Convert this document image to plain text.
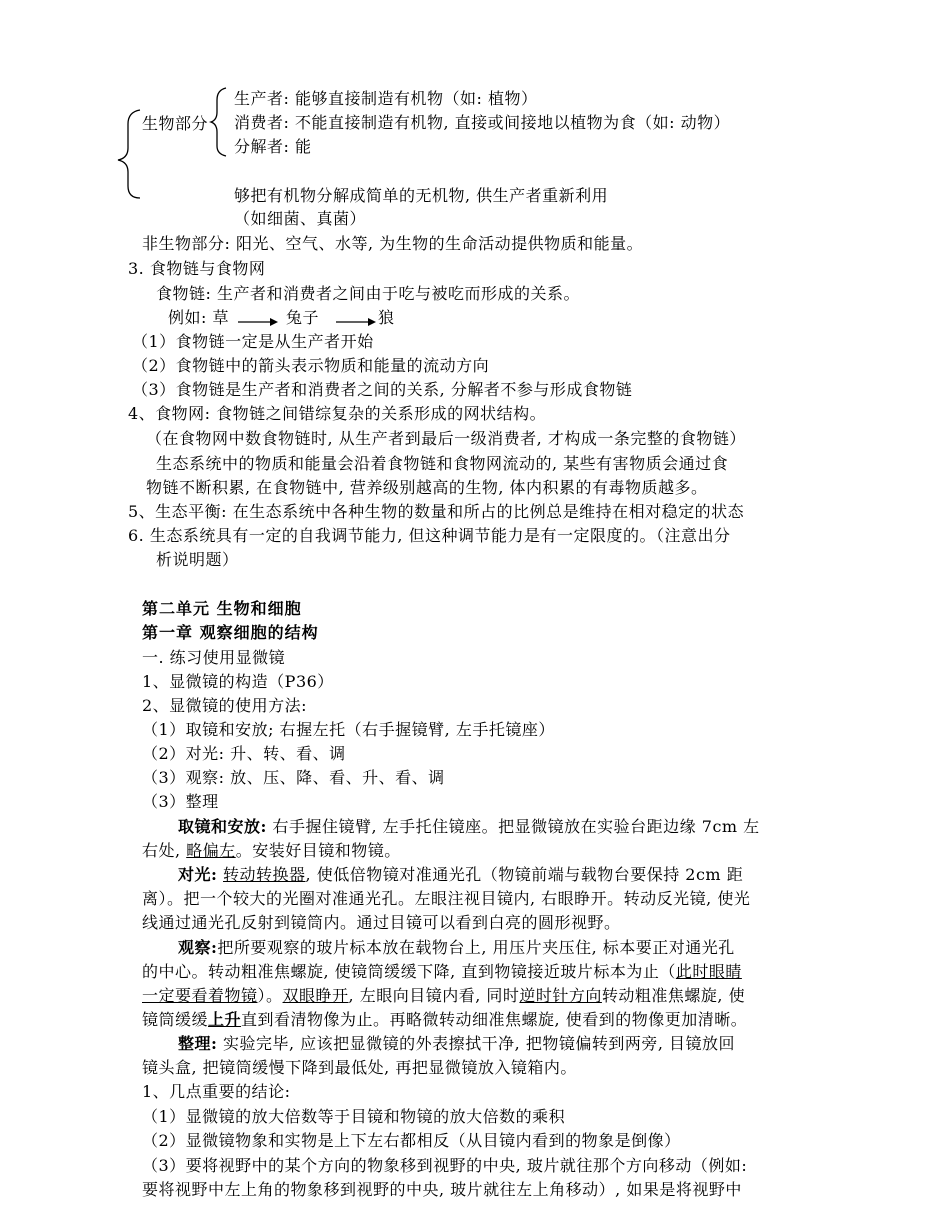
生物部分
生产者: 能够直接制造有机物（如: 植物）
消费者: 不能直接制造有机物, 直接或间接地以植物为食（如: 动物）
分解者: 能
够把有机物分解成简单的无机物, 供生产者重新利用
（如细菌、真菌）
非生物部分: 阳光、空气、水等, 为生物的生命活动提供物质和能量。
3. 食物链与食物网
食物链: 生产者和消费者之间由于吃与被吃而形成的关系。
例如: 草	兔子	狼
（1）食物链一定是从生产者开始
（2）食物链中的箭头表示物质和能量的流动方向
（3）食物链是生产者和消费者之间的关系, 分解者不参与形成食物链
4、食物网: 食物链之间错综复杂的关系形成的网状结构。
（在食物网中数食物链时, 从生产者到最后一级消费者, 才构成一条完整的食物链）
生态系统中的物质和能量会沿着食物链和食物网流动的, 某些有害物质会通过食
物链不断积累, 在食物链中, 营养级别越高的生物, 体内积累的有毒物质越多。
5、生态平衡: 在生态系统中各种生物的数量和所占的比例总是维持在相对稳定的状态
6. 生态系统具有一定的自我调节能力, 但这种调节能力是有一定限度的。（注意出分
析说明题）
第二单元 生物和细胞
第一章 观察细胞的结构
一. 练习使用显微镜
1、显微镜的构造（P36）
2、显微镜的使用方法:
（1）取镜和安放; 右握左托（右手握镜臂, 左手托镜座）
（2）对光: 升、转、看、调
（3）观察: 放、压、降、看、升、看、调
（3）整理
取镜和安放: 右手握住镜臂, 左手托住镜座。把显微镜放在实验台距边缘 7cm 左
右处, 略偏左。安装好目镜和物镜。
对光: 转动转换器, 使低倍物镜对准通光孔（物镜前端与载物台要保持 2cm 距
离）。把一个较大的光圈对准通光孔。左眼注视目镜内, 右眼睁开。转动反光镜, 使光
线通过通光孔反射到镜筒内。通过目镜可以看到白亮的圆形视野。
观察:把所要观察的玻片标本放在载物台上, 用压片夹压住, 标本要正对通光孔
的中心。转动粗准焦螺旋, 使镜筒缓缓下降, 直到物镜接近玻片标本为止（此时眼睛
一定要看着物镜）。双眼睁开, 左眼向目镜内看, 同时逆时针方向转动粗准焦螺旋, 使
镜筒缓缓上升直到看清物像为止。再略微转动细准焦螺旋, 使看到的物像更加清晰。
整理: 实验完毕, 应该把显微镜的外表擦拭干净, 把物镜偏转到两旁, 目镜放回
镜头盒, 把镜筒缓慢下降到最低处, 再把显微镜放入镜箱内。
1、几点重要的结论:
（1）显微镜的放大倍数等于目镜和物镜的放大倍数的乘积
（2）显微镜物象和实物是上下左右都相反（从目镜内看到的物象是倒像）
（3）要将视野中的某个方向的物象移到视野的中央, 玻片就往那个方向移动（例如:
要将视野中左上角的物象移到视野的中央, 玻片就往左上角移动）, 如果是将视野中
